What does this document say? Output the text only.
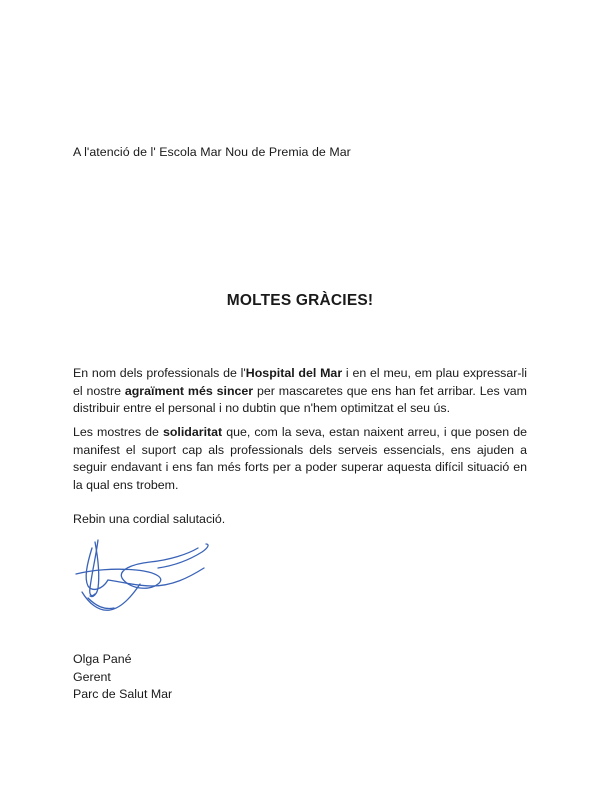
A l'atenció de l' Escola Mar Nou de Premia de Mar
MOLTES GRÀCIES!
En nom dels professionals de l'Hospital del Mar i en el meu, em plau expressar-li el nostre agraïment més sincer per mascaretes que ens han fet arribar. Les vam distribuir entre el personal i no dubtin que n'hem optimitzat el seu ús.
Les mostres de solidaritat que, com la seva, estan naixent arreu, i que posen de manifest el suport cap als professionals dels serveis essencials, ens ajuden a seguir endavant i ens fan més forts per a poder superar aquesta difícil situació en la qual ens trobem.
Rebin una cordial salutació.
Olga Pané
Gerent
Parc de Salut Mar
